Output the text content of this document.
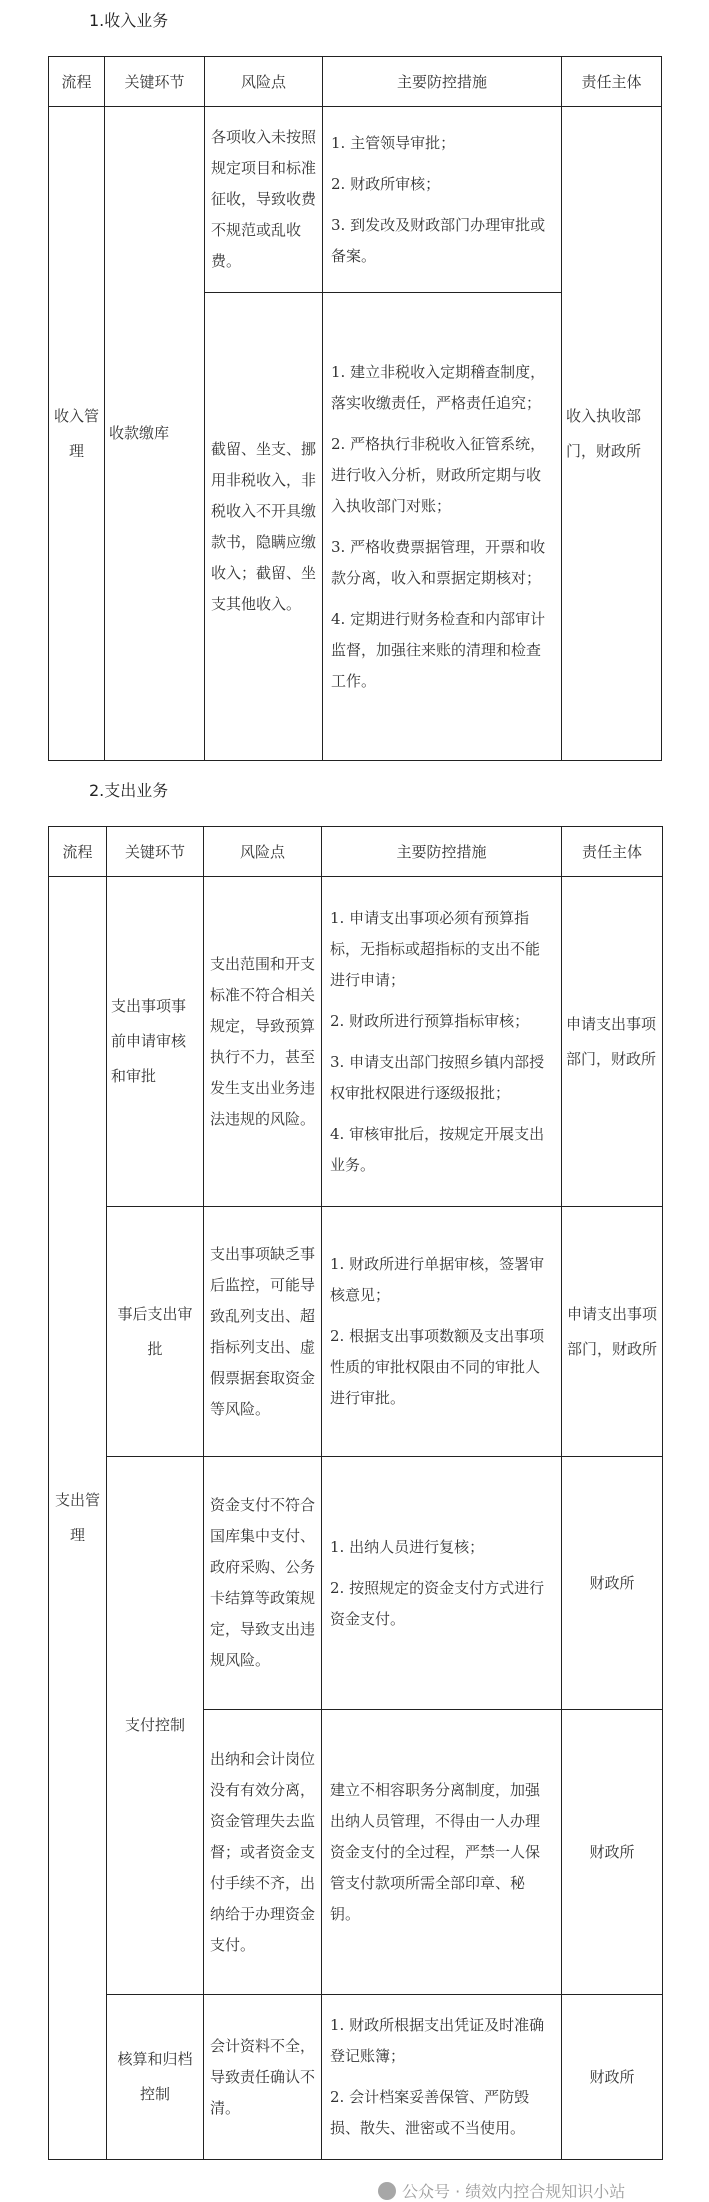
1.收入业务
流程	关键环节	风险点	主要防控措施	责任主体
收入管理	收款缴库	各项收入未按照规定项目和标准征收，导致收费不规范或乱收费。	1. 主管领导审批；

2. 财政所审核；

3. 到发改及财政部门办理审批或备案。	收入执收部门，财政所
		截留、坐支、挪用非税收入，非税收入不开具缴款书，隐瞒应缴收入；截留、坐支其他收入。	1. 建立非税收入定期稽查制度，落实收缴责任，严格责任追究；

2. 严格执行非税收入征管系统，进行收入分析，财政所定期与收入执收部门对账；

3. 严格收费票据管理，开票和收款分离，收入和票据定期核对；

4. 定期进行财务检查和内部审计监督，加强往来账的清理和检查工作。	

2.支出业务
流程	关键环节	风险点	主要防控措施	责任主体
支出管理	支出事项事前申请审核和审批	支出范围和开支标准不符合相关规定，导致预算执行不力，甚至发生支出业务违法违规的风险。	1. 申请支出事项必须有预算指标，无指标或超指标的支出不能进行申请；

2. 财政所进行预算指标审核；

3. 申请支出部门按照乡镇内部授权审批权限进行逐级报批；

4. 审核审批后，按规定开展支出业务。	申请支出事项部门，财政所
	事后支出审批	支出事项缺乏事后监控，可能导致乱列支出、超指标列支出、虚假票据套取资金等风险。	1. 财政所进行单据审核，签署审核意见；

2. 根据支出事项数额及支出事项性质的审批权限由不同的审批人进行审批。	申请支出事项部门，财政所
	支付控制	资金支付不符合国库集中支付、政府采购、公务卡结算等政策规定，导致支出违规风险。	1. 出纳人员进行复核；

2. 按照规定的资金支付方式进行资金支付。	财政所
		出纳和会计岗位没有有效分离，资金管理失去监督；或者资金支付手续不齐，出纳给于办理资金支付。	建立不相容职务分离制度，加强出纳人员管理，不得由一人办理资金支付的全过程，严禁一人保管支付款项所需全部印章、秘钥。	财政所
	核算和归档控制	会计资料不全，导致责任确认不清。	1. 财政所根据支出凭证及时准确登记账簿；

2. 会计档案妥善保管、严防毁损、散失、泄密或不当使用。	财政所
公众号 · 绩效内控合规知识小站
